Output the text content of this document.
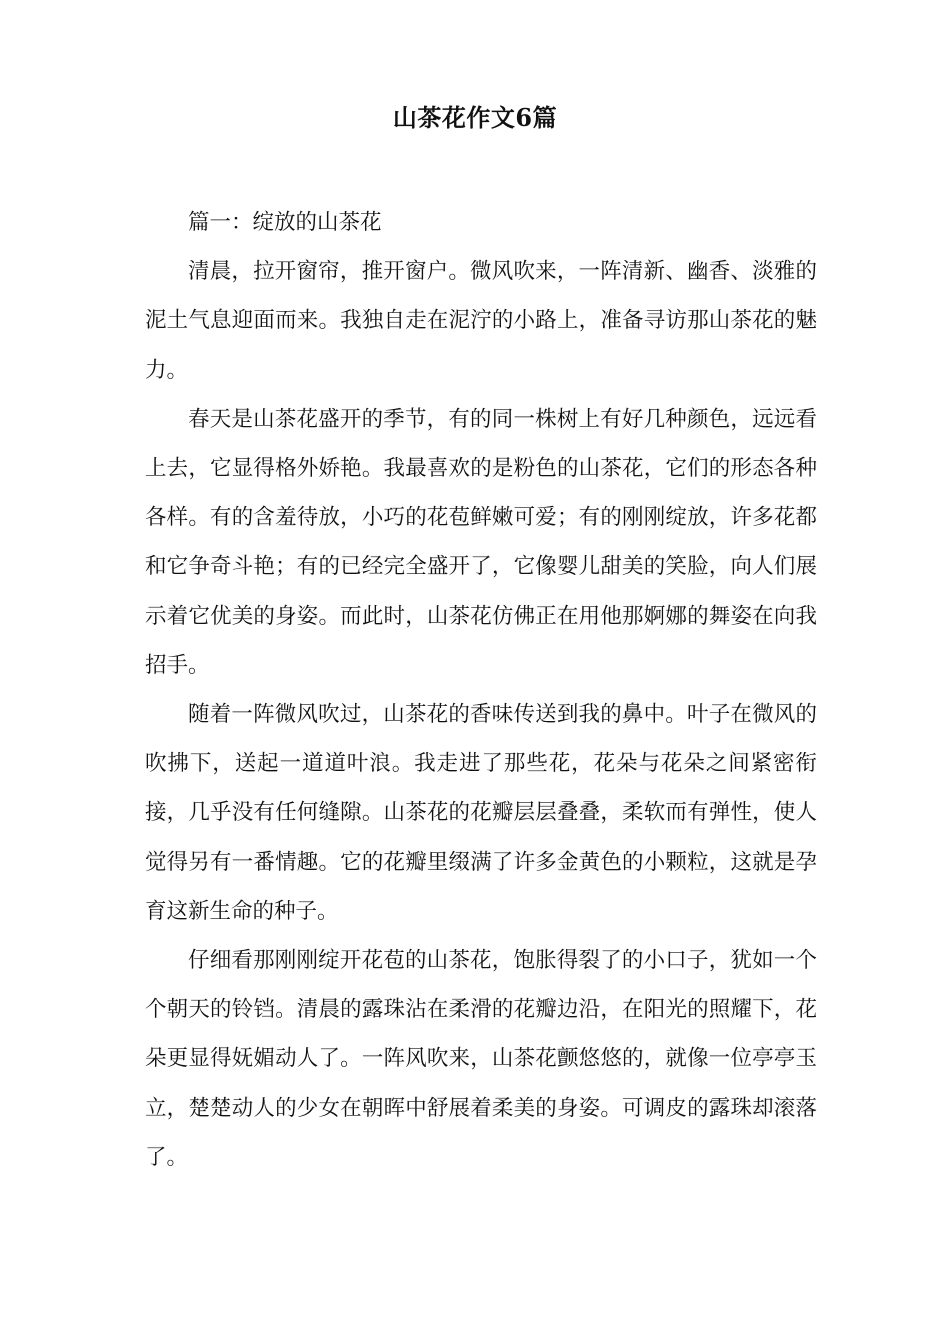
山茶花作文6篇

篇一：绽放的山茶花

清晨，拉开窗帘，推开窗户。微风吹来，一阵清新、幽香、淡雅的泥土气息迎面而来。我独自走在泥泞的小路上，准备寻访那山茶花的魅力。

春天是山茶花盛开的季节，有的同一株树上有好几种颜色，远远看上去，它显得格外娇艳。我最喜欢的是粉色的山茶花，它们的形态各种各样。有的含羞待放，小巧的花苞鲜嫩可爱；有的刚刚绽放，许多花都和它争奇斗艳；有的已经完全盛开了，它像婴儿甜美的笑脸，向人们展示着它优美的身姿。而此时，山茶花仿佛正在用他那婀娜的舞姿在向我招手。

随着一阵微风吹过，山茶花的香味传送到我的鼻中。叶子在微风的吹拂下，送起一道道叶浪。我走进了那些花，花朵与花朵之间紧密衔接，几乎没有任何缝隙。山茶花的花瓣层层叠叠，柔软而有弹性，使人觉得另有一番情趣。它的花瓣里缀满了许多金黄色的小颗粒，这就是孕育这新生命的种子。

仔细看那刚刚绽开花苞的山茶花，饱胀得裂了的小口子，犹如一个个朝天的铃铛。清晨的露珠沾在柔滑的花瓣边沿，在阳光的照耀下，花朵更显得妩媚动人了。一阵风吹来，山茶花颤悠悠的，就像一位亭亭玉立，楚楚动人的少女在朝晖中舒展着柔美的身姿。可调皮的露珠却滚落了。
